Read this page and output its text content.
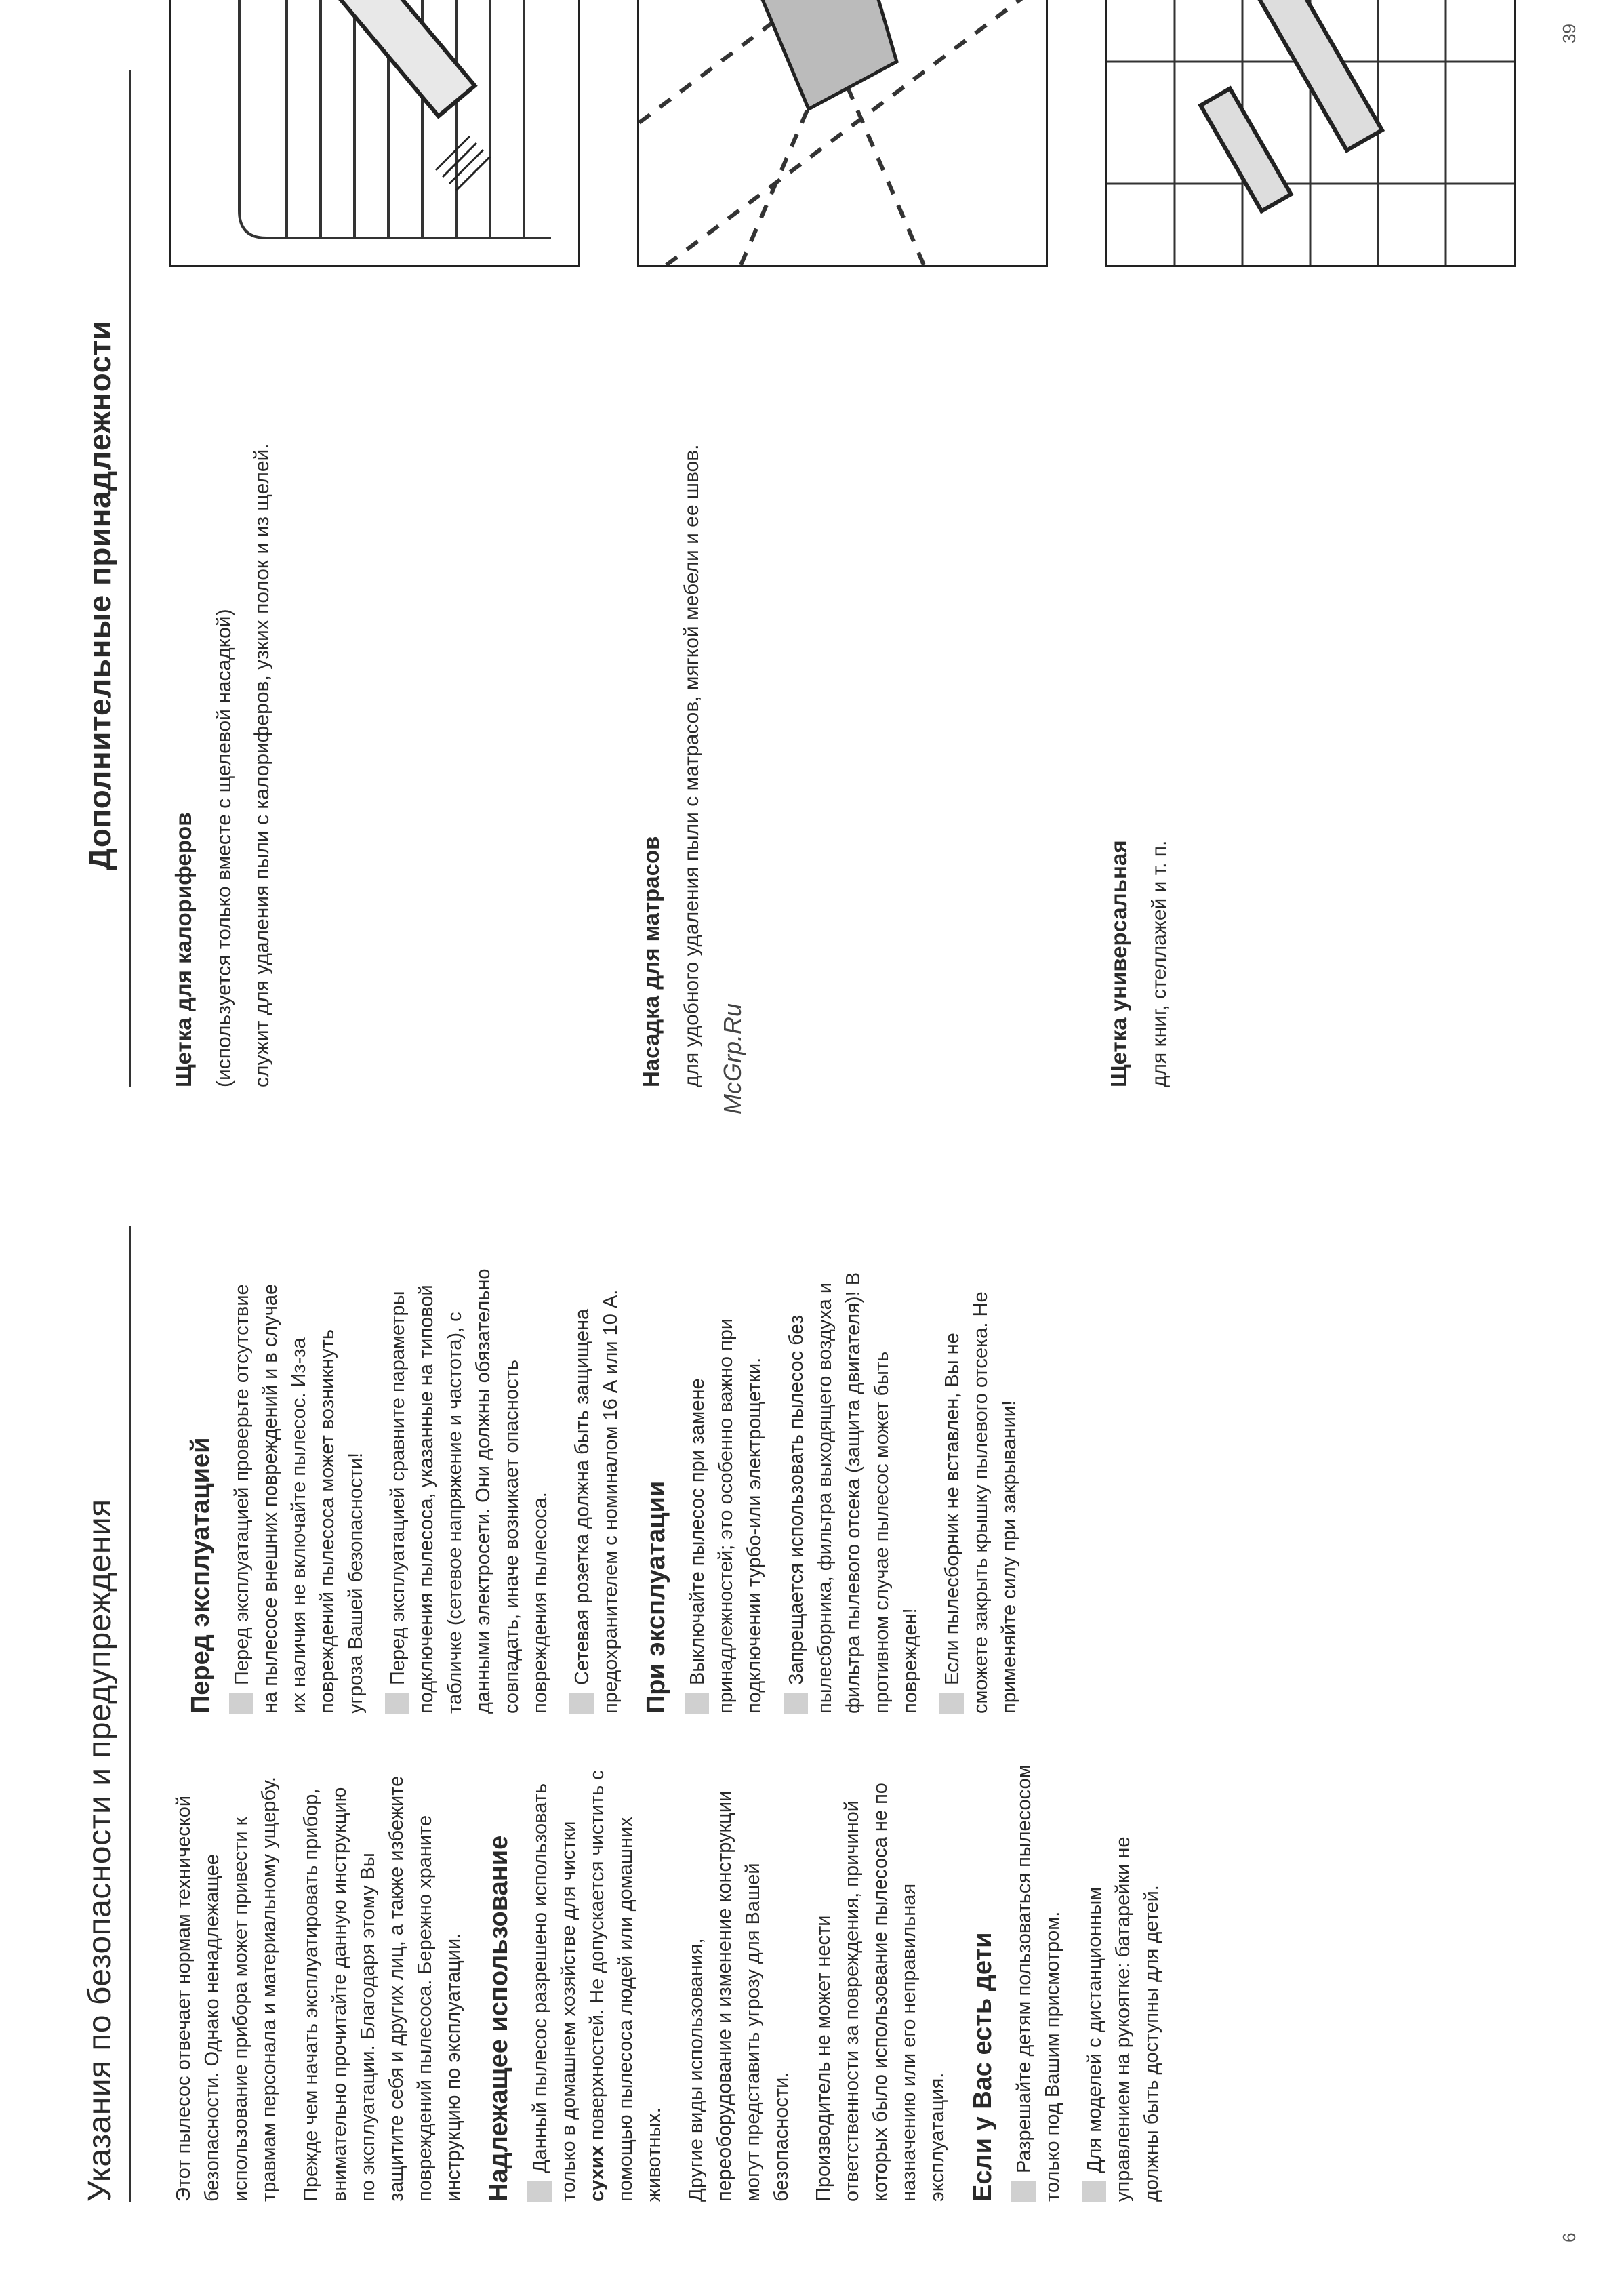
Указания по безопасности и предупреждения	Этот пылесос отвечает нормам технической безопасности. Однако ненадлежащее использование прибора может привести к травмам персонала и материальному ущербу. Прежде чем начать эксплуатировать прибор, внимательно прочитайте данную инструкцию по эксплуатации. Благодаря этому Вы защитите себя и других лиц, а также избежите повреждений пылесоса. Бережно храните инструкцию по эксплуатации. Надлежащее использование Данный пылесос разрешено использовать только в домашнем хозяйстве для чистки сухих поверхностей. Не допускается чистить с помощью пылесоса людей или домашних животных. Другие виды использования, переоборудование и изменение конструкции могут представить угрозу для Вашей безопасности. Производитель не может нести ответственности за повреждения, причиной которых было использование пылесоса не по назначению или его неправильная эксплуатация. Если у Вас есть дети Разрешайте детям пользоваться пылесосом только под Вашим присмотром. Для моделей с дистанционным управлением на рукоятке: батарейки не должны быть доступны для детей.

Перед эксплуатацией Перед эксплуатацией проверьте отсутствие на пылесосе внешних повреждений и в случае их наличия не включайте пылесос. Из-за повреждений пылесоса может возникнуть угроза Вашей безопасности! Перед эксплуатацией сравните параметры подключения пылесоса, указанные на типовой табличке (сетевое напряжение и частота), с данными электросети. Они должны обязательно совпадать, иначе возникает опасность повреждения пылесоса. Сетевая розетка должна быть защищена предохранителем с номиналом 16 А или 10 А. При эксплуатации Выключайте пылесос при замене принадлежностей; это особенно важно при подключении турбо-или электрощетки. Запрещается использовать пылесос без пылесборника, фильтра выходящего воздуха и фильтра пылевого отсека (защита двигателя)! В противном случае пылесос может быть поврежден! Если пылесборник не вставлен, Вы не сможете закрыть крышку пылевого отсека. Не применяйте силу при закрывании!

6
Дополнительные принадлежности
McGrp.Ru
Щетка для калориферов (используется только вместе с щелевой насадкой) служит для удаления пыли с калориферов, узких полок и из щелей.	Насадка для матрасов для удобного удаления пыли с матрасов, мягкой мебели и ее швов.	Щетка универсальная для книг, стеллажей и т. п.

39
